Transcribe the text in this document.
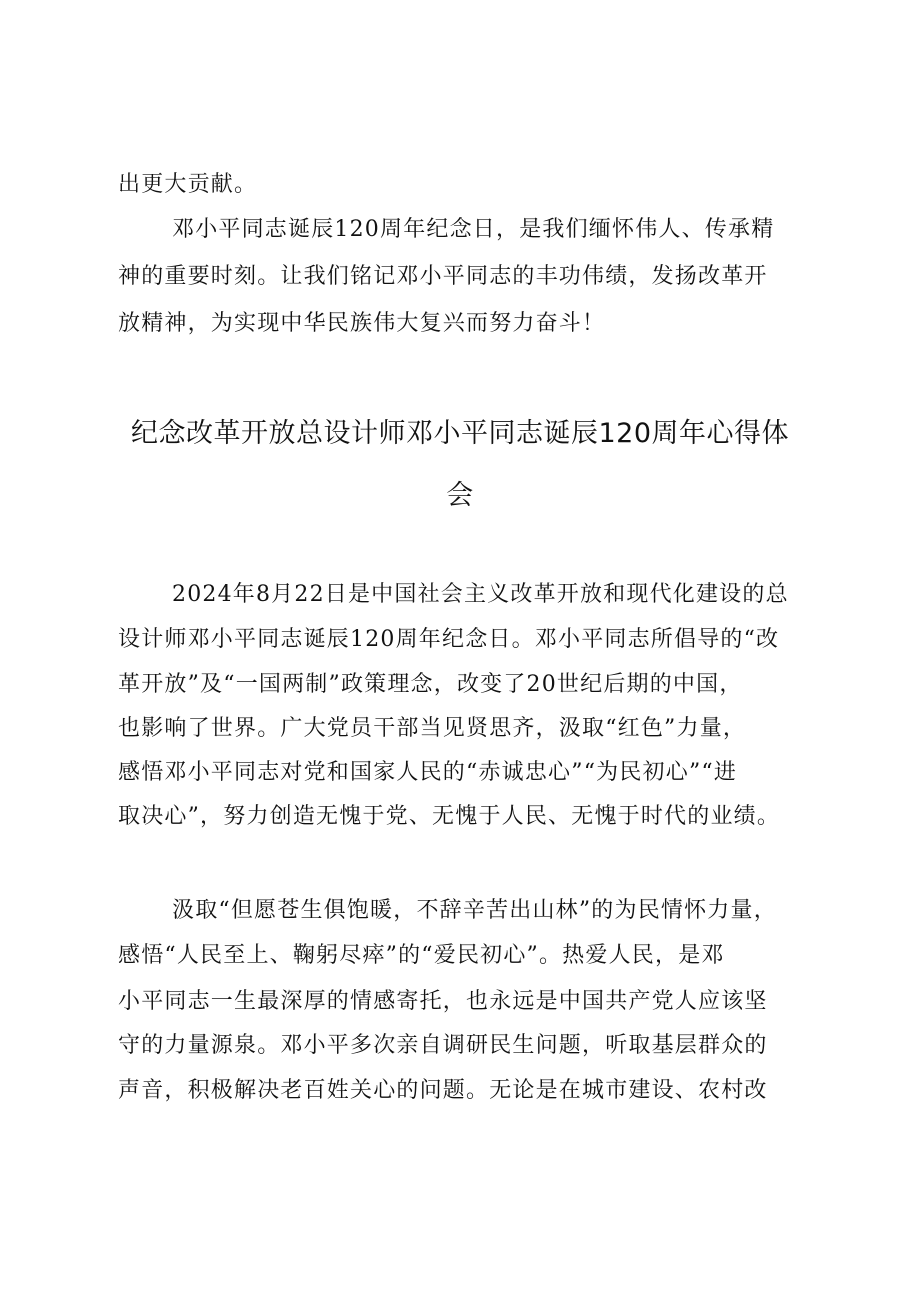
出更大贡献。
邓小平同志诞辰120周年纪念日，是我们缅怀伟人、传承精
神的重要时刻。让我们铭记邓小平同志的丰功伟绩，发扬改革开
放精神，为实现中华民族伟大复兴而努力奋斗！
纪念改革开放总设计师邓小平同志诞辰120周年心得体
会
2024年8月22日是中国社会主义改革开放和现代化建设的总
设计师邓小平同志诞辰120周年纪念日。邓小平同志所倡导的“改
革开放”及“一国两制”政策理念，改变了20世纪后期的中国，
也影响了世界。广大党员干部当见贤思齐，汲取“红色”力量，
感悟邓小平同志对党和国家人民的“赤诚忠心”“为民初心”“进
取决心”，努力创造无愧于党、无愧于人民、无愧于时代的业绩。
汲取“但愿苍生俱饱暖，不辞辛苦出山林”的为民情怀力量，
感悟“人民至上、鞠躬尽瘁”的“爱民初心”。热爱人民，是邓
小平同志一生最深厚的情感寄托，也永远是中国共产党人应该坚
守的力量源泉。邓小平多次亲自调研民生问题，听取基层群众的
声音，积极解决老百姓关心的问题。无论是在城市建设、农村改
